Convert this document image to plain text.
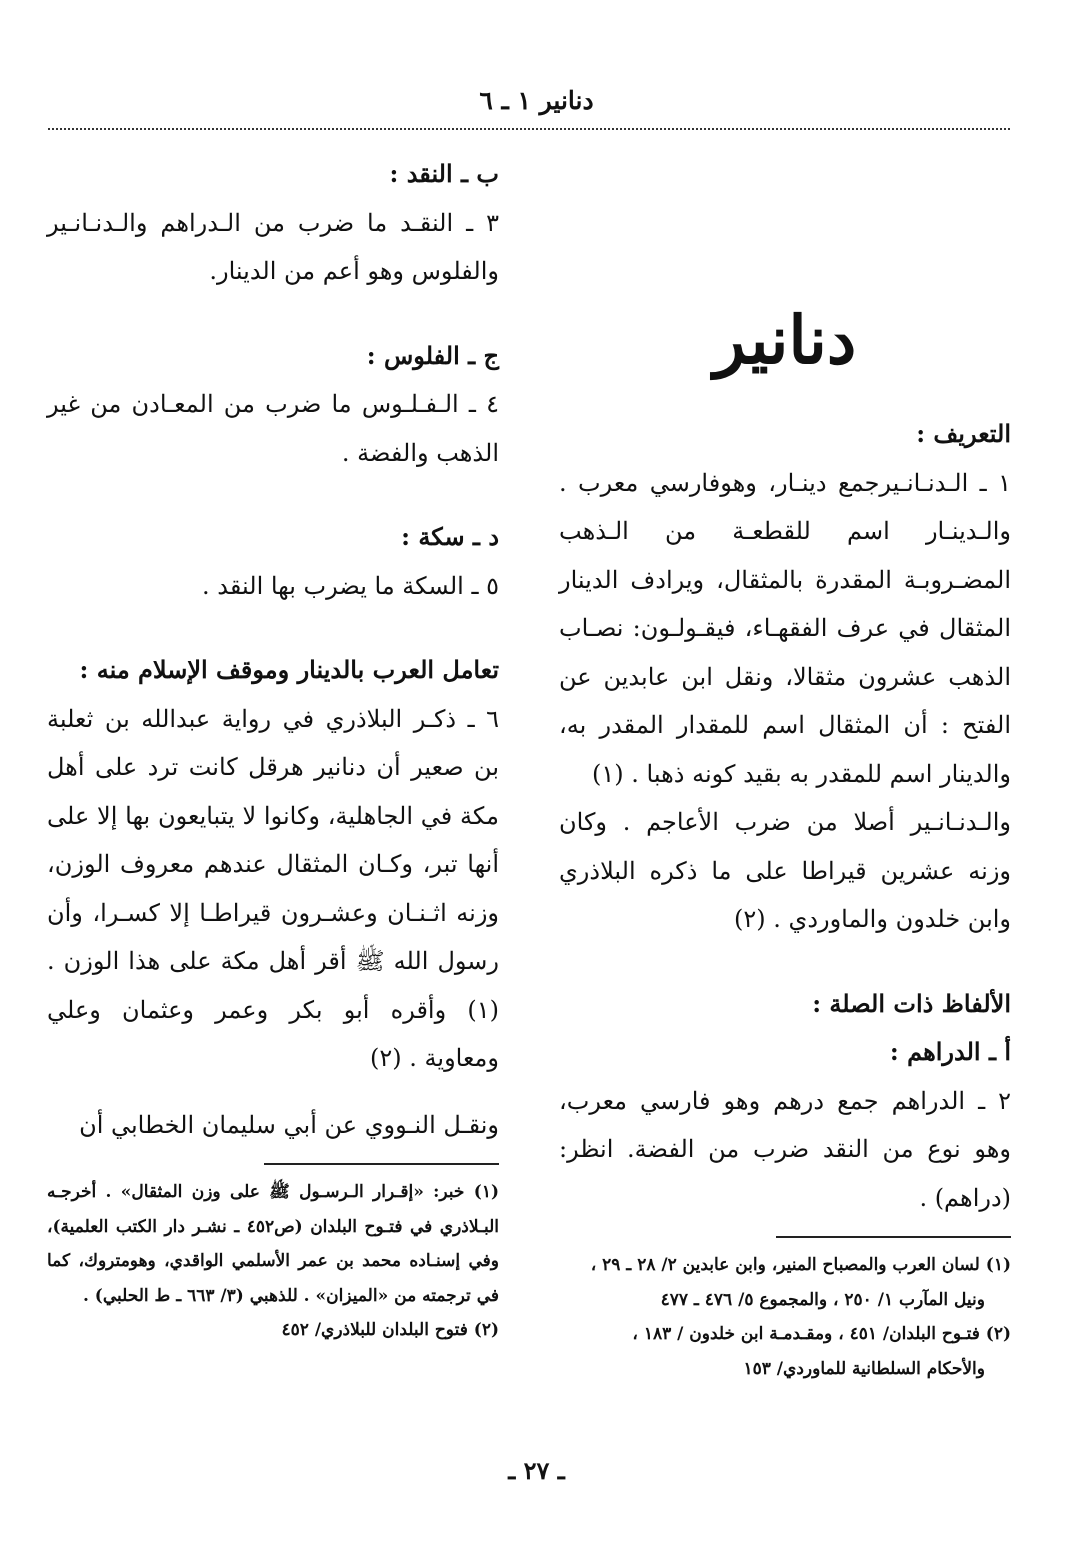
دنانير ١ ـ ٦

دنانير

التعريف :

١ ـ الـدنـانـيرجمع دينـار، وهوفارسي معرب . والـدينـار اسم للقطعـة من الـذهب المضـروبـة المقدرة بالمثقال، ويرادف الدينار المثقال في عرف الفقهـاء، فيقـولـون: نصـاب الذهب عشرون مثقالا، ونقل ابن عابدين عن الفتح : أن المثقال اسم للمقدار المقدر به، والدينار اسم للمقدر به بقيد كونه ذهبا . (١)

والـدنـانـير أصلا من ضرب الأعاجم . وكان وزنه عشرين قيراطا على ما ذكره البلاذري وابن خلدون والماوردي . (٢)

الألفاظ ذات الصلة :

أ ـ الدراهم :

٢ ـ الدراهم جمع درهم وهو فارسي معرب، وهو نوع من النقد ضرب من الفضة. انظر: (دراهم) .

(١) لسان العرب والمصباح المنير، وابن عابدين ٢/ ٢٨ ـ ٢٩ ،
ونيل المآرب ١/ ٢٥٠ ، والمجموع ٥/ ٤٧٦ ـ ٤٧٧

(٢) فتـوح البلدان/ ٤٥١ ، ومقـدمـة ابن خلدون / ١٨٣ ،
والأحكام السلطانية للماوردي/ ١٥٣

ب ـ النقد :

٣ ـ النقـد ما ضرب من الـدراهم والـدنـانـير والفلوس وهو أعم من الدينار.

ج ـ الفلوس :

٤ ـ الـفـلـوس ما ضرب من المعـادن من غير الذهب والفضة .

د ـ سكة :

٥ ـ السكة ما يضرب بها النقد .

تعامل العرب بالدينار وموقف الإسلام منه :

٦ ـ ذكـر البلاذري في رواية عبدالله بن ثعلبة بن صعير أن دنانير هرقل كانت ترد على أهل مكة في الجاهلية، وكانوا لا يتبايعون بها إلا على أنها تبر، وكـان المثقال عندهم معروف الوزن، وزنه اثـنـان وعشـرون قيراطـا إلا كسـرا، وأن رسول الله ﷺ أقر أهل مكة على هذا الوزن . (١) وأقره أبو بكر وعمر وعثمان وعلي ومعاوية . (٢)

ونقـل النـووي عن أبي سليمان الخطابي أن

(١) خبر: «إقـرار الـرسـول ﷺ على وزن المثقال» . أخرجـه البـلاذري في فتـوح البلدان (ص٤٥٢ ـ نشـر دار الكتب العلمية)، وفي إسنـاده محمد بن عمر الأسلمي الواقدي، وهومتروك، كما في ترجمته من «الميزان» . للذهبي (٣/ ٦٦٣ ـ ط الحلبي) .

(٢) فتوح البلدان للبلاذري/ ٤٥٢

ـ ٢٧ ـ
